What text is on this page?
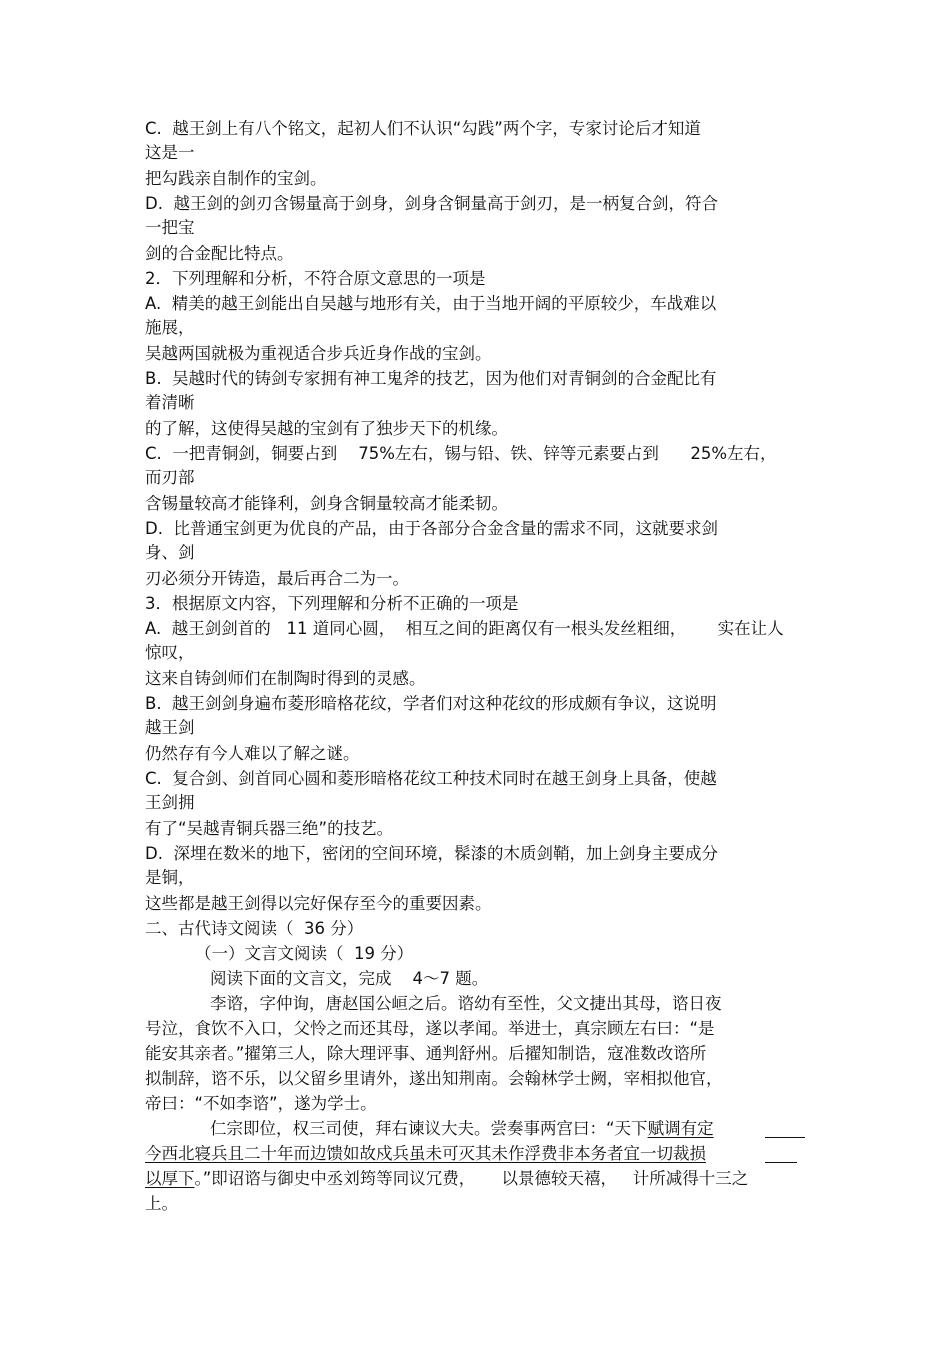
C.  越王剑上有八个铭文，起初人们不认识“勾践”两个字，专家讨论后才知道
这是一
把勾践亲自制作的宝剑。
D.  越王剑的剑刃含锡量高于剑身，剑身含铜量高于剑刃，是一柄复合剑，符合
一把宝
剑的合金配比特点。
2．下列理解和分析，不符合原文意思的一项是
A.  精美的越王剑能出自吴越与地形有关，由于当地开阔的平原较少，车战难以
施展，
吴越两国就极为重视适合步兵近身作战的宝剑。
B.  吴越时代的铸剑专家拥有神工鬼斧的技艺，因为他们对青铜剑的合金配比有
着清晰
的了解，这使得吴越的宝剑有了独步天下的机缘。
C.  一把青铜剑，铜要占到    75%左右，锡与铅、铁、锌等元素要占到      25%左右，
而刃部
含锡量较高才能锋利，剑身含铜量较高才能柔韧。
D.  比普通宝剑更为优良的产品，由于各部分合金含量的需求不同，这就要求剑
身、剑
刃必须分开铸造，最后再合二为一。
3．根据原文内容，下列理解和分析不正确的一项是
A.  越王剑剑首的   11 道同心圆，  相互之间的距离仅有一根头发丝粗细，      实在让人
惊叹，
这来自铸剑师们在制陶时得到的灵感。
B.  越王剑剑身遍布菱形暗格花纹，学者们对这种花纹的形成颇有争议，这说明
越王剑
仍然存有今人难以了解之谜。
C.  复合剑、剑首同心圆和菱形暗格花纹工种技术同时在越王剑身上具备，使越
王剑拥
有了“吴越青铜兵器三绝”的技艺。
D.  深埋在数米的地下，密闭的空间环境，髹漆的木质剑鞘，加上剑身主要成分
是铜，
这些都是越王剑得以完好保存至今的重要因素。
二、古代诗文阅读（  36 分）
（一）文言文阅读（  19 分）
阅读下面的文言文，完成    4～7 题。
李谘，字仲询，唐赵国公峘之后。谘幼有至性，父文捷出其母，谘日夜
号泣，食饮不入口，父怜之而还其母，遂以孝闻。举进士，真宗顾左右曰：“是
能安其亲者。”擢第三人，除大理评事、通判舒州。后擢知制诰，寇准数改谘所
拟制辞，谘不乐，以父留乡里请外，遂出知荆南。会翰林学士阙，宰相拟他官，
帝曰：“不如李谘”，遂为学士。
仁宗即位，权三司使，拜右谏议大夫。尝奏事两宫曰：“天下赋调有定
今西北寝兵且二十年而边馈如故戍兵虽未可灭其未作浮费非本务者宜一切裁损
以厚下。”即诏谘与御史中丞刘筠等同议冗费，     以景德较天禧，   计所减得十三之
上。
